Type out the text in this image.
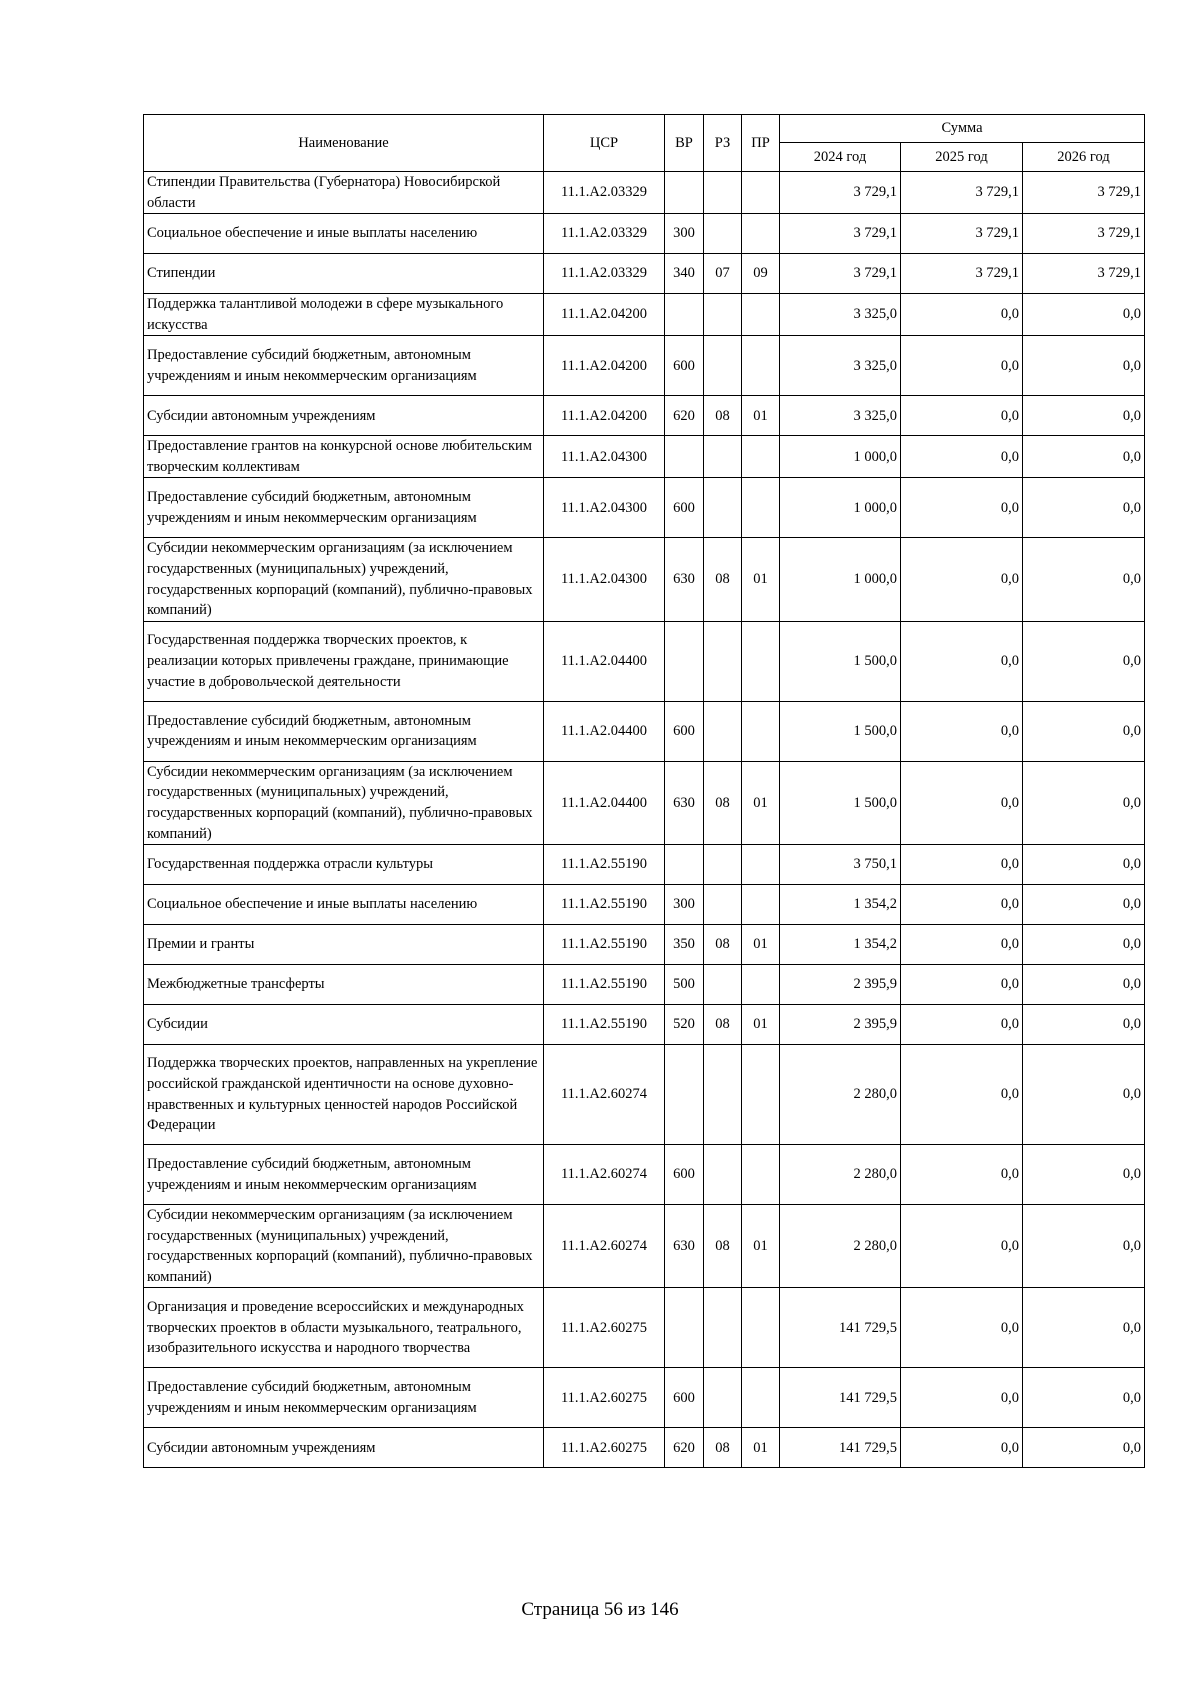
Наименование	ЦСР	ВР	РЗ	ПР	Сумма		
					2024 год	2025 год	2026 год
Стипендии Правительства (Губернатора) Новосибирской области	11.1.А2.03329				3 729,1	3 729,1	3 729,1
Социальное обеспечение и иные выплаты населению	11.1.А2.03329	300			3 729,1	3 729,1	3 729,1
Стипендии	11.1.А2.03329	340	07	09	3 729,1	3 729,1	3 729,1
Поддержка талантливой молодежи в сфере музыкального искусства	11.1.А2.04200				3 325,0	0,0	0,0
Предоставление субсидий бюджетным, автономным учреждениям и иным некоммерческим организациям	11.1.А2.04200	600			3 325,0	0,0	0,0
Субсидии автономным учреждениям	11.1.А2.04200	620	08	01	3 325,0	0,0	0,0
Предоставление грантов на конкурсной основе любительским творческим коллективам	11.1.А2.04300				1 000,0	0,0	0,0
Предоставление субсидий бюджетным, автономным учреждениям и иным некоммерческим организациям	11.1.А2.04300	600			1 000,0	0,0	0,0
Субсидии некоммерческим организациям (за исключением государственных (муниципальных) учреждений, государственных корпораций (компаний), публично-правовых компаний)	11.1.А2.04300	630	08	01	1 000,0	0,0	0,0
Государственная поддержка творческих проектов, к реализации которых привлечены граждане, принимающие участие в добровольческой деятельности	11.1.А2.04400				1 500,0	0,0	0,0
Предоставление субсидий бюджетным, автономным учреждениям и иным некоммерческим организациям	11.1.А2.04400	600			1 500,0	0,0	0,0
Субсидии некоммерческим организациям (за исключением государственных (муниципальных) учреждений, государственных корпораций (компаний), публично-правовых компаний)	11.1.А2.04400	630	08	01	1 500,0	0,0	0,0
Государственная поддержка отрасли культуры	11.1.А2.55190				3 750,1	0,0	0,0
Социальное обеспечение и иные выплаты населению	11.1.А2.55190	300			1 354,2	0,0	0,0
Премии и гранты	11.1.А2.55190	350	08	01	1 354,2	0,0	0,0
Межбюджетные трансферты	11.1.А2.55190	500			2 395,9	0,0	0,0
Субсидии	11.1.А2.55190	520	08	01	2 395,9	0,0	0,0
Поддержка творческих проектов, направленных на укрепление российской гражданской идентичности на основе духовно-нравственных и культурных ценностей народов Российской Федерации	11.1.А2.60274				2 280,0	0,0	0,0
Предоставление субсидий бюджетным, автономным учреждениям и иным некоммерческим организациям	11.1.А2.60274	600			2 280,0	0,0	0,0
Субсидии некоммерческим организациям (за исключением государственных (муниципальных) учреждений, государственных корпораций (компаний), публично-правовых компаний)	11.1.А2.60274	630	08	01	2 280,0	0,0	0,0
Организация и проведение всероссийских и международных творческих проектов в области музыкального, театрального, изобразительного искусства и народного творчества	11.1.А2.60275				141 729,5	0,0	0,0
Предоставление субсидий бюджетным, автономным учреждениям и иным некоммерческим организациям	11.1.А2.60275	600			141 729,5	0,0	0,0
Субсидии автономным учреждениям	11.1.А2.60275	620	08	01	141 729,5	0,0	0,0
Страница 56 из 146
